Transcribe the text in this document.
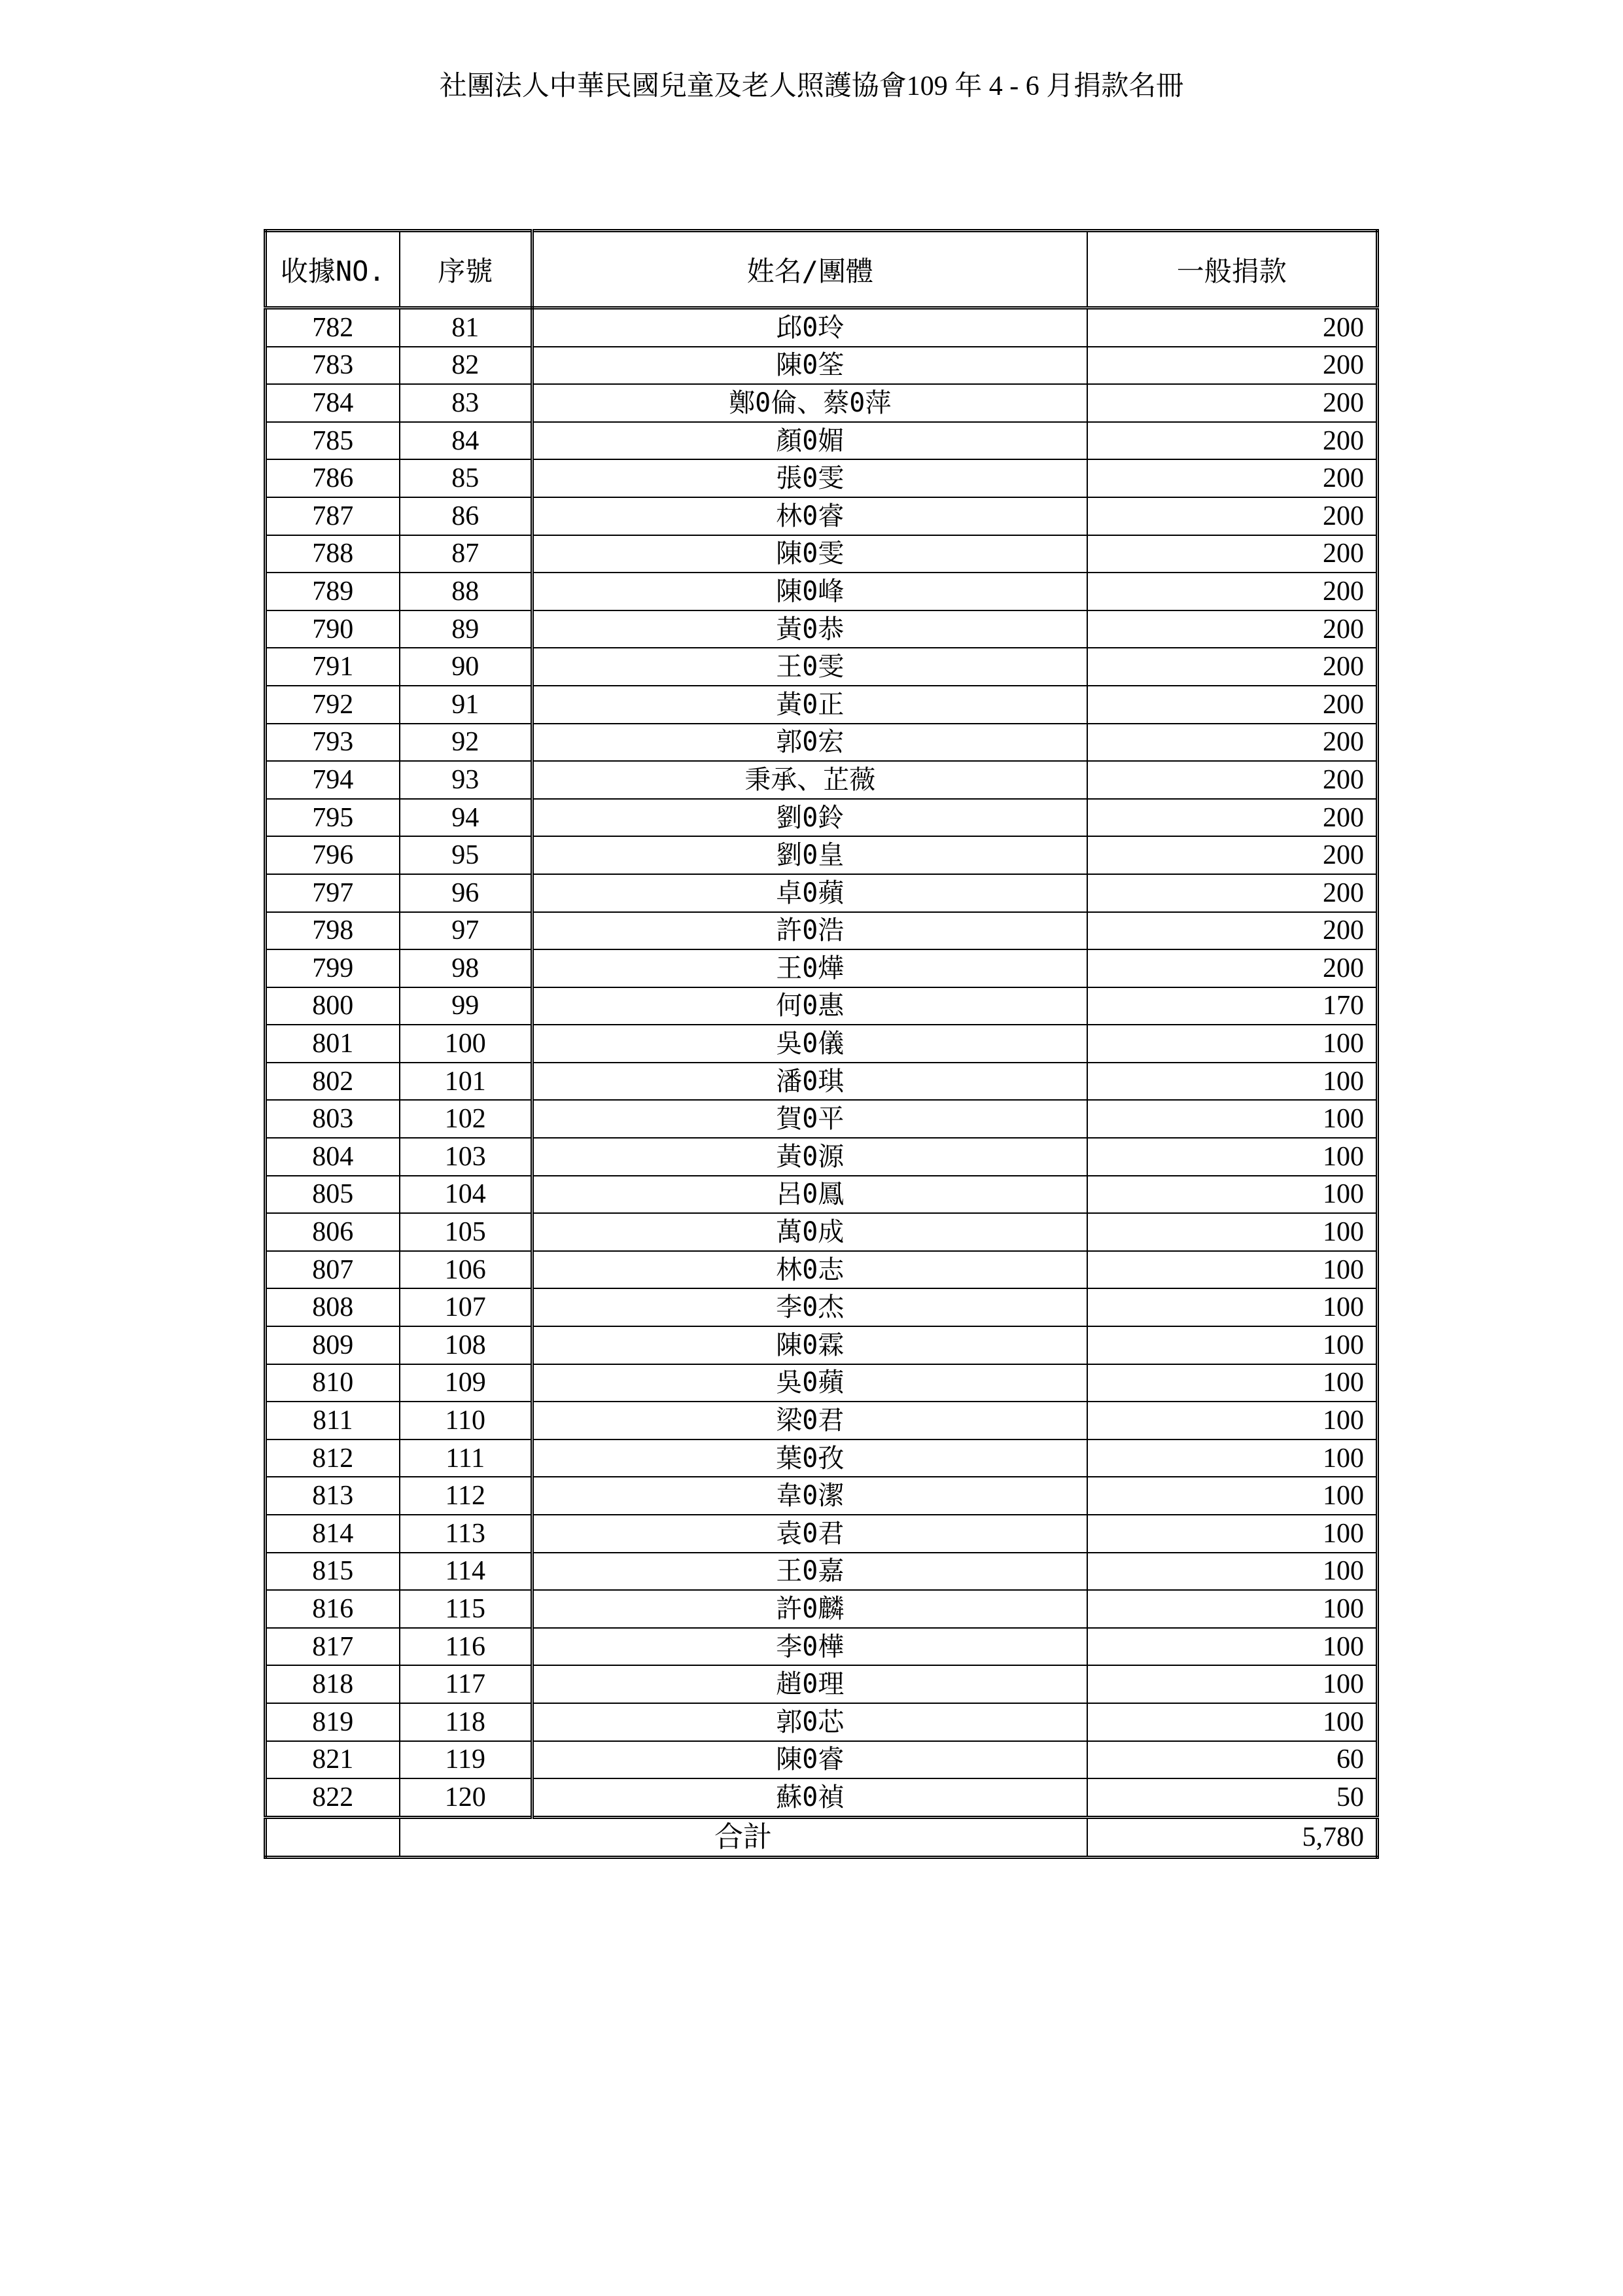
社團法人中華民國兒童及老人照護協會109 年 4 - 6 月捐款名冊
收據NO.	序號	姓名/團體	一般捐款
782	81	邱0玲	200
783	82	陳0筌	200
784	83	鄭0倫、蔡0萍	200
785	84	顏0媚	200
786	85	張0雯	200
787	86	林0睿	200
788	87	陳0雯	200
789	88	陳0峰	200
790	89	黃0恭	200
791	90	王0雯	200
792	91	黃0正	200
793	92	郭0宏	200
794	93	秉承、芷薇	200
795	94	劉0鈴	200
796	95	劉0皇	200
797	96	卓0蘋	200
798	97	許0浩	200
799	98	王0燁	200
800	99	何0惠	170
801	100	吳0儀	100
802	101	潘0琪	100
803	102	賀0平	100
804	103	黃0源	100
805	104	呂0鳳	100
806	105	萬0成	100
807	106	林0志	100
808	107	李0杰	100
809	108	陳0霖	100
810	109	吳0蘋	100
811	110	梁0君	100
812	111	葉0孜	100
813	112	韋0潔	100
814	113	袁0君	100
815	114	王0嘉	100
816	115	許0麟	100
817	116	李0樺	100
818	117	趙0理	100
819	118	郭0芯	100
821	119	陳0睿	60
822	120	蘇0禎	50
	合計		5,780
